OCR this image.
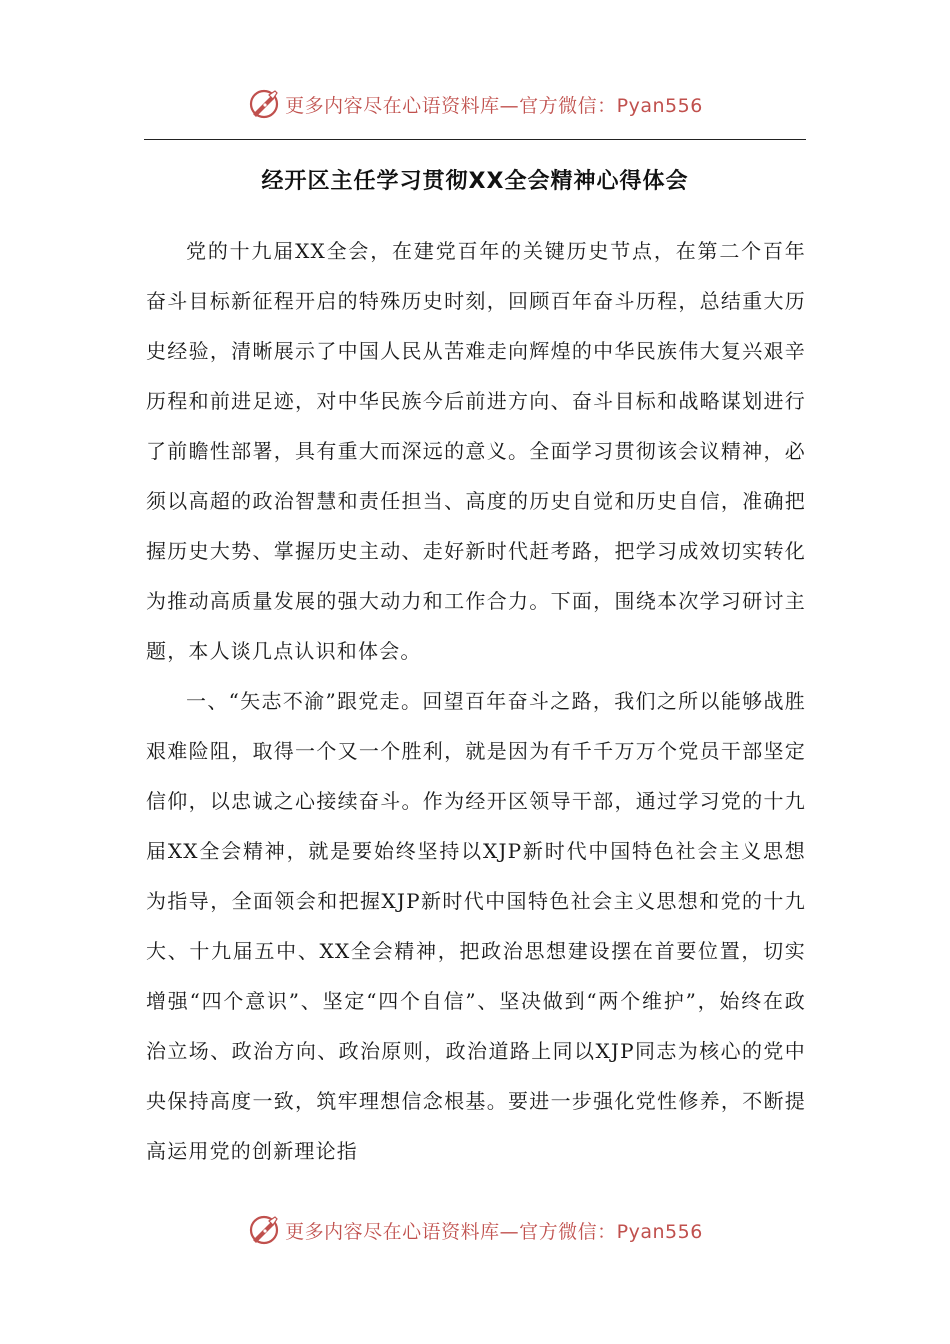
更多内容尽在心语资料库—官方微信：Pyan556
经开区主任学习贯彻XX全会精神心得体会

党的十九届XX全会，在建党百年的关键历史节点，在第二个百年奋斗目标新征程开启的特殊历史时刻，回顾百年奋斗历程，总结重大历史经验，清晰展示了中国人民从苦难走向辉煌的中华民族伟大复兴艰辛历程和前进足迹，对中华民族今后前进方向、奋斗目标和战略谋划进行了前瞻性部署，具有重大而深远的意义。全面学习贯彻该会议精神，必须以高超的政治智慧和责任担当、高度的历史自觉和历史自信，准确把握历史大势、掌握历史主动、走好新时代赶考路，把学习成效切实转化为推动高质量发展的强大动力和工作合力。下面，围绕本次学习研讨主题，本人谈几点认识和体会。

一、“矢志不渝”跟党走。回望百年奋斗之路，我们之所以能够战胜艰难险阻，取得一个又一个胜利，就是因为有千千万万个党员干部坚定信仰，以忠诚之心接续奋斗。作为经开区领导干部，通过学习党的十九届XX全会精神，就是要始终坚持以XJP新时代中国特色社会主义思想为指导，全面领会和把握XJP新时代中国特色社会主义思想和党的十九大、十九届五中、XX全会精神，把政治思想建设摆在首要位置，切实增强“四个意识”、坚定“四个自信”、坚决做到“两个维护”，始终在政治立场、政治方向、政治原则，政治道路上同以XJP同志为核心的党中央保持高度一致，筑牢理想信念根基。要进一步强化党性修养，不断提高运用党的创新理论指

更多内容尽在心语资料库—官方微信：Pyan556
